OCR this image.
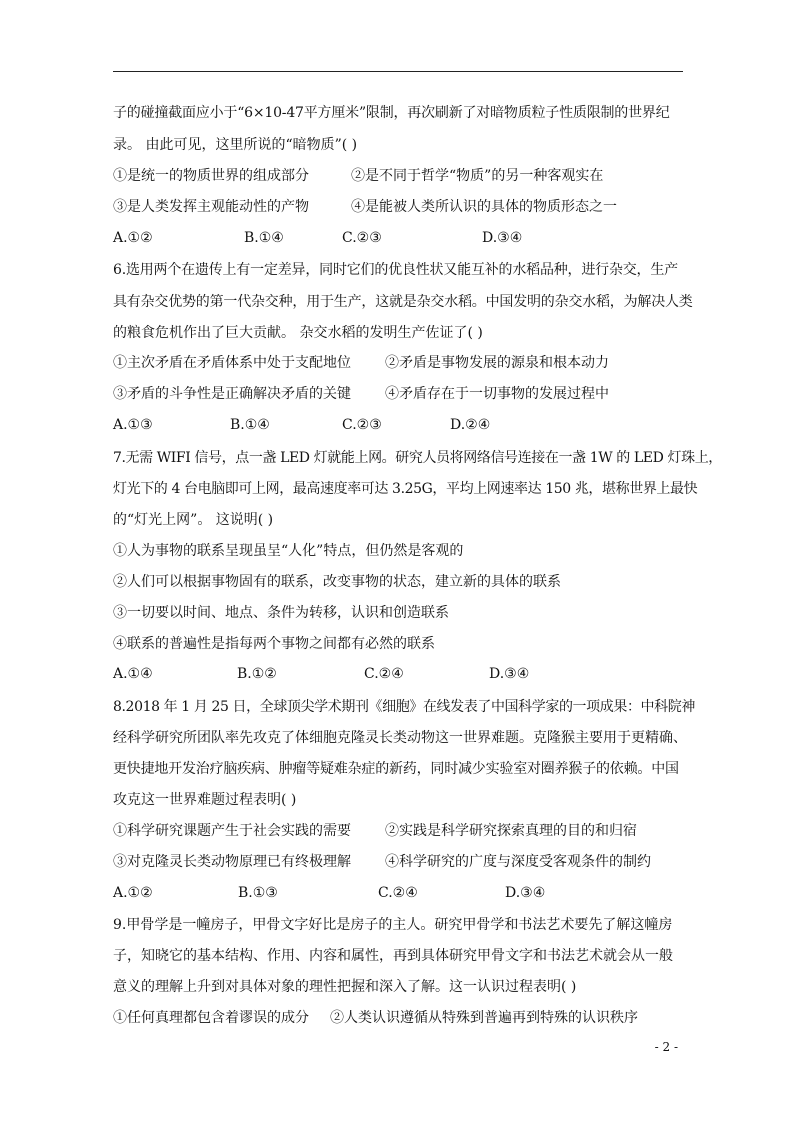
子的碰撞截面应小于“6×10-47平方厘米”限制，再次刷新了对暗物质粒子性质限制的世界纪
录。 由此可见，这里所说的“暗物质”( )
①是统一的物质世界的组成部分	②是不同于哲学“物质”的另一种客观实在
③是人类发挥主观能动性的产物	④是能被人类所认识的具体的物质形态之一
A.①②	B.①④	C.②③	D.③④
6.选用两个在遗传上有一定差异，同时它们的优良性状又能互补的水稻品种，进行杂交，生产
具有杂交优势的第一代杂交种，用于生产，这就是杂交水稻。中国发明的杂交水稻，为解决人类
的粮食危机作出了巨大贡献。 杂交水稻的发明生产佐证了( )
①主次矛盾在矛盾体系中处于支配地位 ②矛盾是事物发展的源泉和根本动力
③矛盾的斗争性是正确解决矛盾的关键 ④矛盾存在于一切事物的发展过程中
A.①③	B.①④	C.②③	D.②④
7.无需 WIFI 信号，点一盏 LED 灯就能上网。研究人员将网络信号连接在一盏 1W 的 LED 灯珠上，
灯光下的 4 台电脑即可上网，最高速度率可达 3.25G，平均上网速率达 150 兆，堪称世界上最快
的“灯光上网”。 这说明( )
①人为事物的联系呈现虽呈“人化”特点，但仍然是客观的
②人们可以根据事物固有的联系，改变事物的状态，建立新的具体的联系
③一切要以时间、地点、条件为转移，认识和创造联系
④联系的普遍性是指每两个事物之间都有必然的联系
A.①④	B.①②	C.②④	D.③④
8.2018 年 1 月 25 日，全球顶尖学术期刊《细胞》在线发表了中国科学家的一项成果：中科院神
经科学研究所团队率先攻克了体细胞克隆灵长类动物这一世界难题。克隆猴主要用于更精确、
更快捷地开发治疗脑疾病、肿瘤等疑难杂症的新药，同时减少实验室对圈养猴子的依赖。中国
攻克这一世界难题过程表明( )
①科学研究课题产生于社会实践的需要 ②实践是科学研究探索真理的目的和归宿
③对克隆灵长类动物原理已有终极理解 ④科学研究的广度与深度受客观条件的制约
A.①②	B.①③	C.②④	D.③④
9.甲骨学是一幢房子，甲骨文字好比是房子的主人。研究甲骨学和书法艺术要先了解这幢房
子，知晓它的基本结构、作用、内容和属性，再到具体研究甲骨文字和书法艺术就会从一般
意义的理解上升到对具体对象的理性把握和深入了解。这一认识过程表明( )
①任何真理都包含着谬误的成分 ②人类认识遵循从特殊到普遍再到特殊的认识秩序
- 2 -
